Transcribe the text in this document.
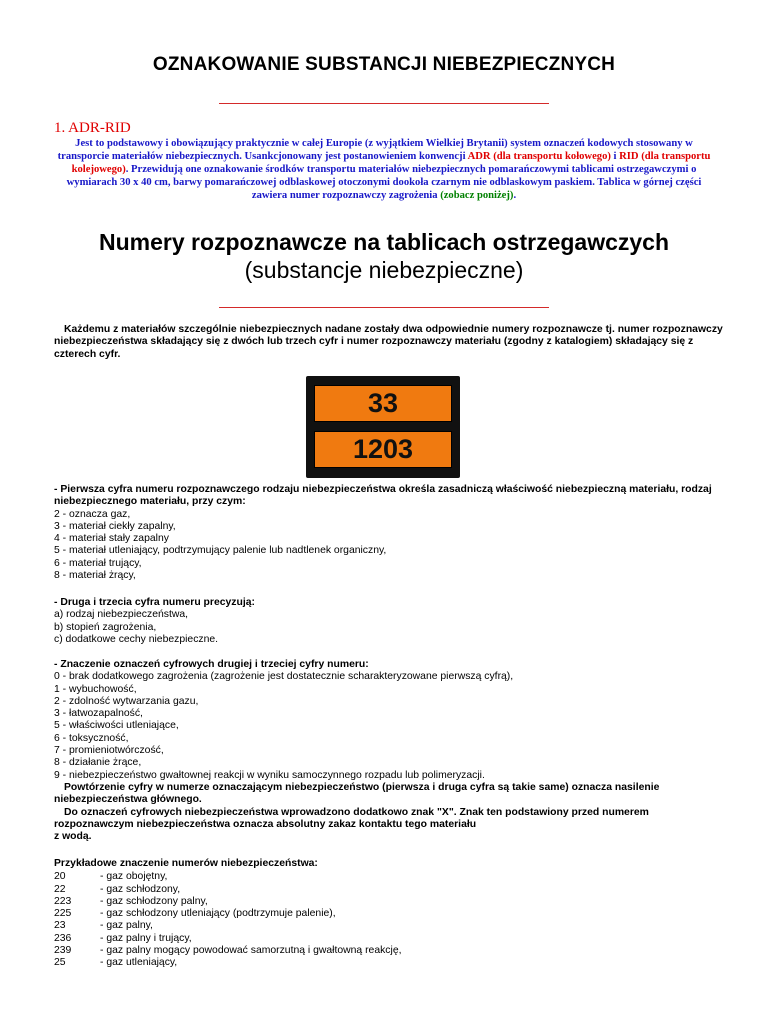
OZNAKOWANIE SUBSTANCJI NIEBEZPIECZNYCH
1. ADR-RID
Jest to podstawowy i obowiązujący praktycznie w całej Europie (z wyjątkiem Wielkiej Brytanii) system oznaczeń kodowych stosowany w transporcie materiałów niebezpiecznych. Usankcjonowany jest postanowieniem konwencji ADR (dla transportu kołowego) i RID (dla transportu kolejowego). Przewidują one oznakowanie środków transportu materiałów niebezpiecznych pomarańczowymi tablicami ostrzegawczymi o wymiarach 30 x 40 cm, barwy pomarańczowej odblaskowej otoczonymi dookoła czarnym nie odblaskowym paskiem. Tablica w górnej części zawiera numer rozpoznawczy zagrożenia (zobacz poniżej).
Numery rozpoznawcze na tablicach ostrzegawczych
(substancje niebezpieczne)
Każdemu z materiałów szczególnie niebezpiecznych nadane zostały dwa odpowiednie numery rozpoznawcze tj. numer rozpoznawczy niebezpieczeństwa składający się z dwóch lub trzech cyfr i numer rozpoznawczy materiału (zgodny z katalogiem) składający się z czterech cyfr.
33
1203
- Pierwsza cyfra numeru rozpoznawczego rodzaju niebezpieczeństwa określa zasadniczą właściwość niebezpieczną materiału, rodzaj niebezpiecznego materiału, przy czym:
2 - oznacza gaz,
3 - materiał ciekły zapalny,
4 - materiał stały zapalny
5 - materiał utleniający, podtrzymujący palenie lub nadtlenek organiczny,
6 - materiał trujący,
8 - materiał żrący,
- Druga i trzecia cyfra numeru precyzują:
a) rodzaj niebezpieczeństwa,
b) stopień zagrożenia,
c) dodatkowe cechy niebezpieczne.
- Znaczenie oznaczeń cyfrowych drugiej i trzeciej cyfry numeru:
0 - brak dodatkowego zagrożenia (zagrożenie jest dostatecznie scharakteryzowane pierwszą cyfrą),
1 - wybuchowość,
2 - zdolność wytwarzania gazu,
3 - łatwozapalność,
5 - właściwości utleniające,
6 - toksyczność,
7 - promieniotwórczość,
8 - działanie żrące,
9 - niebezpieczeństwo gwałtownej reakcji w wyniku samoczynnego rozpadu lub polimeryzacji.
Powtórzenie cyfry w numerze oznaczającym niebezpieczeństwo (pierwsza i druga cyfra są takie same) oznacza nasilenie niebezpieczeństwa głównego.
Do oznaczeń cyfrowych niebezpieczeństwa wprowadzono dodatkowo znak "X". Znak ten podstawiony przed numerem rozpoznawczym niebezpieczeństwa oznacza absolutny zakaz kontaktu tego materiału
z wodą.
Przykładowe znaczenie numerów niebezpieczeństwa:
20	- gaz obojętny,
22	- gaz schłodzony,
223	- gaz schłodzony palny,
225	- gaz schłodzony utleniający (podtrzymuje palenie),
23	- gaz palny,
236	- gaz palny i trujący,
239	- gaz palny mogący powodować samorzutną i gwałtowną reakcję,
25	- gaz utleniający,
